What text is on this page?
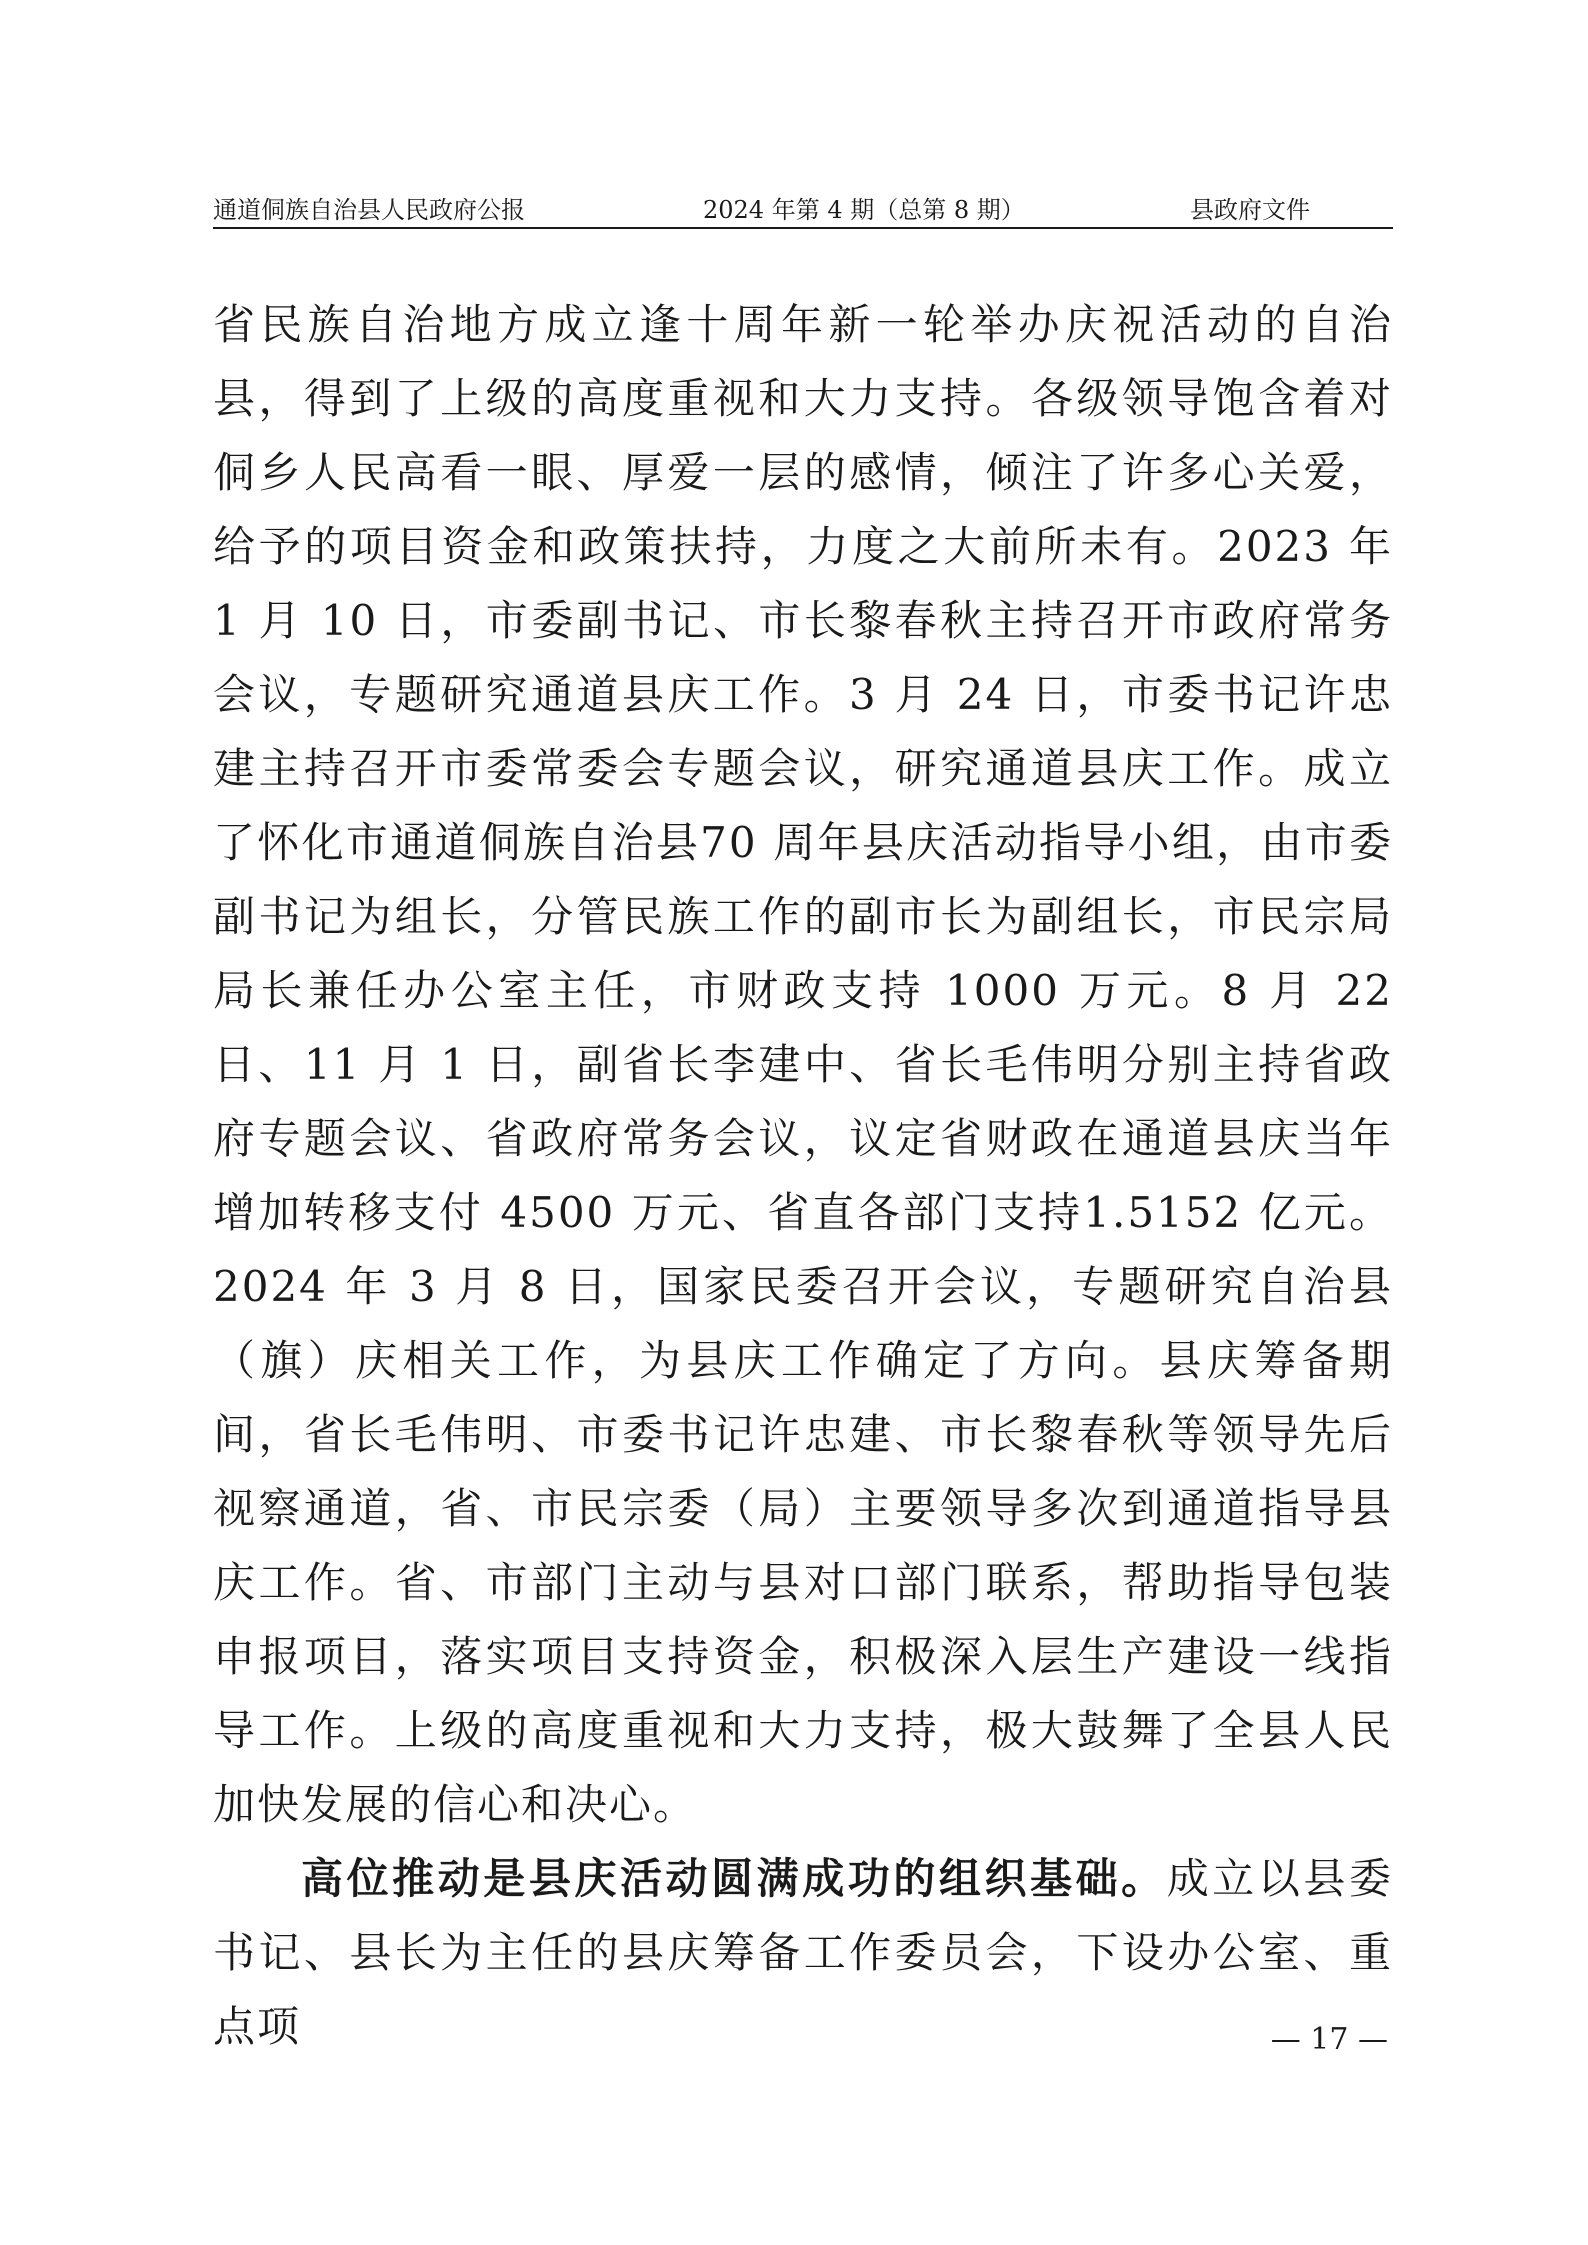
通道侗族自治县人民政府公报	2024 年第 4 期（总第 8 期）	县政府文件

省民族自治地方成立逢十周年新一轮举办庆祝活动的自治县，得到了上级的高度重视和大力支持。各级领导饱含着对侗乡人民高看一眼、厚爱一层的感情，倾注了许多心关爱，给予的项目资金和政策扶持，力度之大前所未有。2023 年 1 月 10 日，市委副书记、市长黎春秋主持召开市政府常务会议，专题研究通道县庆工作。3 月 24 日，市委书记许忠建主持召开市委常委会专题会议，研究通道县庆工作。成立了怀化市通道侗族自治县70 周年县庆活动指导小组，由市委副书记为组长，分管民族工作的副市长为副组长，市民宗局局长兼任办公室主任，市财政支持 1000 万元。8 月 22 日、11 月 1 日，副省长李建中、省长毛伟明分别主持省政府专题会议、省政府常务会议，议定省财政在通道县庆当年增加转移支付 4500 万元、省直各部门支持1.5152 亿元。2024 年 3 月 8 日，国家民委召开会议，专题研究自治县（旗）庆相关工作，为县庆工作确定了方向。县庆筹备期间，省长毛伟明、市委书记许忠建、市长黎春秋等领导先后视察通道，省、市民宗委（局）主要领导多次到通道指导县庆工作。省、市部门主动与县对口部门联系，帮助指导包装申报项目，落实项目支持资金，积极深入层生产建设一线指导工作。上级的高度重视和大力支持，极大鼓舞了全县人民加快发展的信心和决心。

高位推动是县庆活动圆满成功的组织基础。成立以县委书记、县长为主任的县庆筹备工作委员会，下设办公室、重点项	— 17 —
